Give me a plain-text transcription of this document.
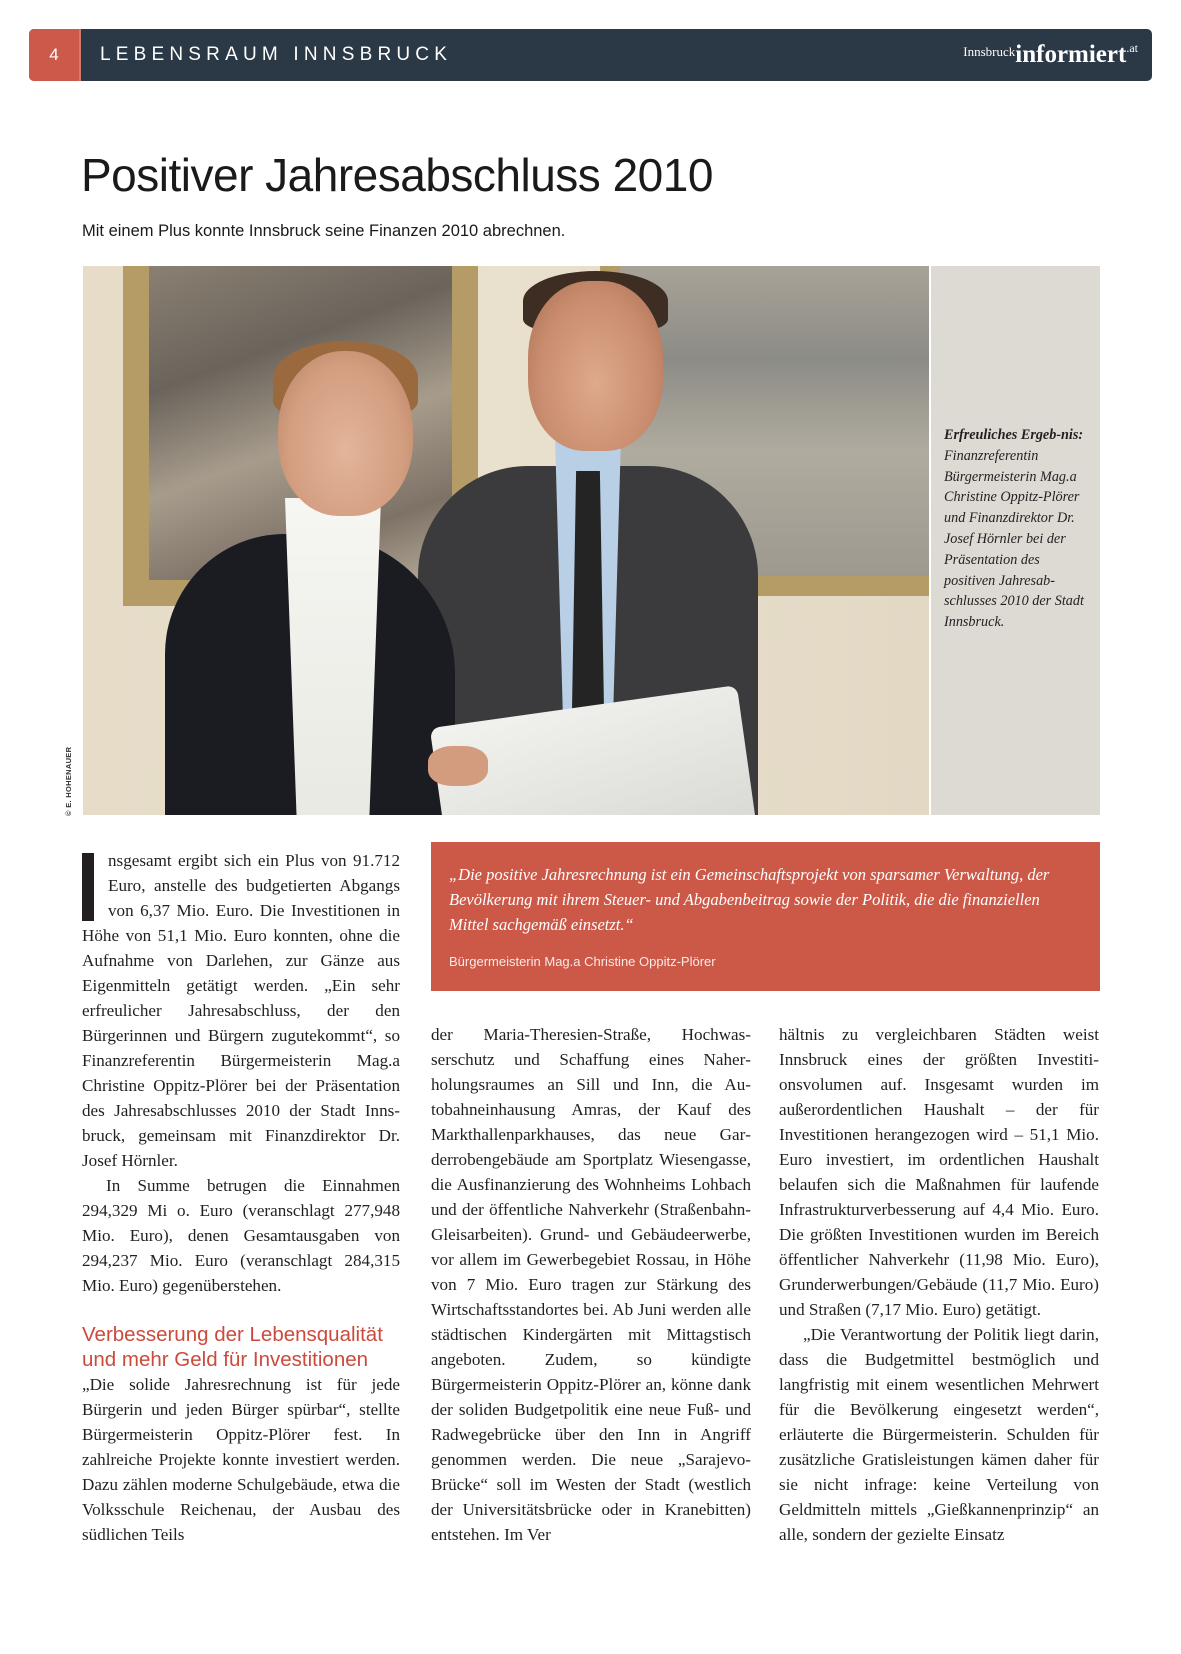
4	LEBENSRAUM INNSBRUCK	$^{Innsbruck}$informiert$^{.at}$
Positiver Jahresabschluss 2010

Mit einem Plus konnte Innsbruck seine Finanzen 2010 abrechnen.

Erfreuliches Ergeb-nis: Finanzreferentin Bürgermeisterin Mag.a Christine Oppitz-Plörer und Finanzdirektor Dr. Josef Hörnler bei der Präsentation des positiven Jahresab-schlusses 2010 der Stadt Innsbruck.
© E. HOHENAUER

nsgesamt ergibt sich ein Plus von 91.712 Euro, anstelle des budgetierten Abgangs von 6,37 Mio. Euro. Die Investitionen in Höhe von 51,1 Mio. Euro konnten, ohne die Aufnahme von Darlehen, zur Gänze aus Eigenmitteln getätigt werden. „Ein sehr erfreulicher Jahresabschluss, der den Bürgerinnen und Bürgern zugutekommt“, so Finanzreferentin Bürgermeisterin Mag.a Christine Oppitz-Plörer bei der Präsentation des Jahresabschlusses 2010 der Stadt Innsbruck, gemeinsam mit Finanzdirektor Dr. Josef Hörnler.

In Summe betrugen die Einnahmen 294,329 Mi o. Euro (veranschlagt 277,948 Mio. Euro), denen Gesamtausgaben von 294,237 Mio. Euro (veranschlagt 284,315 Mio. Euro) gegenüberstehen.

Verbesserung der Lebensqualität und mehr Geld für Investitionen

„Die solide Jahresrechnung ist für jede Bürgerin und jeden Bürger spürbar“, stellte Bürgermeisterin Oppitz-Plörer fest. In zahlreiche Projekte konnte investiert werden. Dazu zählen moderne Schulgebäude, etwa die Volksschule Reichenau, der Ausbau des südlichen Teils

„Die positive Jahresrechnung ist ein Gemeinschaftsprojekt von sparsamer Verwaltung, der Bevölkerung mit ihrem Steuer- und Abgabenbeitrag sowie der Politik, die die finanziellen Mittel sachgemäß einsetzt.“
Bürgermeisterin Mag.a Christine Oppitz-Plörer

der Maria-Theresien-Straße, Hochwasserschutz und Schaffung eines Naherholungsraumes an Sill und Inn, die Autobahneinhausung Amras, der Kauf des Markthallenparkhauses, das neue Garderrobengebäude am Sportplatz Wiesengasse, die Ausfinanzierung des Wohnheims Lohbach und der öffentliche Nahverkehr (Straßenbahn-Gleisarbeiten). Grund- und Gebäudeerwerbe, vor allem im Gewerbegebiet Rossau, in Höhe von 7 Mio. Euro tragen zur Stärkung des Wirtschaftsstandortes bei. Ab Juni werden alle städtischen Kindergärten mit Mittagstisch angeboten. Zudem, so kündigte Bürgermeisterin Oppitz-Plörer an, könne dank der soliden Budgetpolitik eine neue Fuß- und Radwegebrücke über den Inn in Angriff genommen werden. Die neue „Sarajevo-Brücke“ soll im Westen der Stadt (westlich der Universitätsbrücke oder in Kranebitten) entstehen. Im Ver

hältnis zu vergleichbaren Städten weist Innsbruck eines der größten Investitionsvolumen auf. Insgesamt wurden im außerordentlichen Haushalt – der für Investitionen herangezogen wird – 51,1 Mio. Euro investiert, im ordentlichen Haushalt belaufen sich die Maßnahmen für laufende Infrastrukturverbesserung auf 4,4 Mio. Euro. Die größten Investitionen wurden im Bereich öffentlicher Nahverkehr (11,98 Mio. Euro), Grunderwerbungen/Gebäude (11,7 Mio. Euro) und Straßen (7,17 Mio. Euro) getätigt.

„Die Verantwortung der Politik liegt darin, dass die Budgetmittel bestmöglich und langfristig mit einem wesentlichen Mehrwert für die Bevölkerung eingesetzt werden“, erläuterte die Bürgermeisterin. Schulden für zusätzliche Gratisleistungen kämen daher für sie nicht infrage: keine Verteilung von Geldmitteln mittels „Gießkannenprinzip“ an alle, sondern der gezielte Einsatz
